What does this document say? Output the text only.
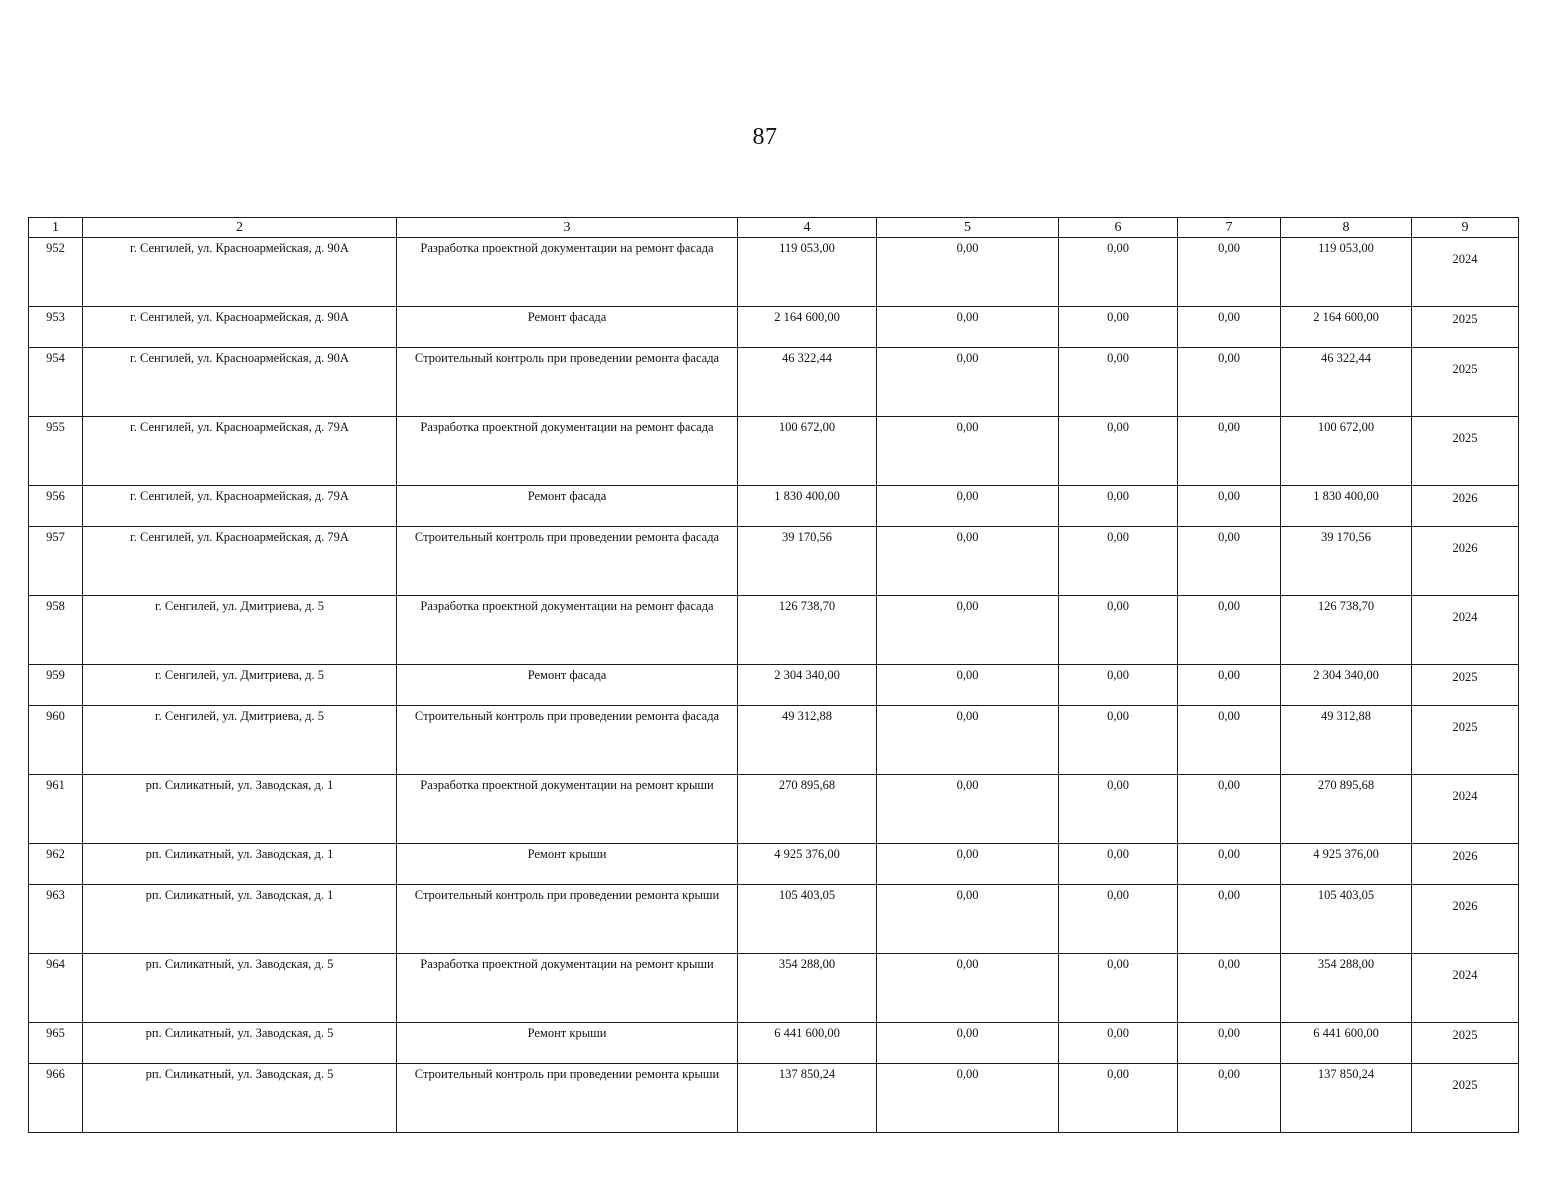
87
1	2	3	4	5	6	7	8	9
952	г. Сенгилей, ул. Красноармейская, д. 90А	Разработка проектной документации на ремонт фасада	119 053,00	0,00	0,00	0,00	119 053,00	2024
953	г. Сенгилей, ул. Красноармейская, д. 90А	Ремонт фасада	2 164 600,00	0,00	0,00	0,00	2 164 600,00	2025
954	г. Сенгилей, ул. Красноармейская, д. 90А	Строительный контроль при проведении ремонта фасада	46 322,44	0,00	0,00	0,00	46 322,44	2025
955	г. Сенгилей, ул. Красноармейская, д. 79А	Разработка проектной документации на ремонт фасада	100 672,00	0,00	0,00	0,00	100 672,00	2025
956	г. Сенгилей, ул. Красноармейская, д. 79А	Ремонт фасада	1 830 400,00	0,00	0,00	0,00	1 830 400,00	2026
957	г. Сенгилей, ул. Красноармейская, д. 79А	Строительный контроль при проведении ремонта фасада	39 170,56	0,00	0,00	0,00	39 170,56	2026
958	г. Сенгилей, ул. Дмитриева, д. 5	Разработка проектной документации на ремонт фасада	126 738,70	0,00	0,00	0,00	126 738,70	2024
959	г. Сенгилей, ул. Дмитриева, д. 5	Ремонт фасада	2 304 340,00	0,00	0,00	0,00	2 304 340,00	2025
960	г. Сенгилей, ул. Дмитриева, д. 5	Строительный контроль при проведении ремонта фасада	49 312,88	0,00	0,00	0,00	49 312,88	2025
961	рп. Силикатный, ул. Заводская, д. 1	Разработка проектной документации на ремонт крыши	270 895,68	0,00	0,00	0,00	270 895,68	2024
962	рп. Силикатный, ул. Заводская, д. 1	Ремонт крыши	4 925 376,00	0,00	0,00	0,00	4 925 376,00	2026
963	рп. Силикатный, ул. Заводская, д. 1	Строительный контроль при проведении ремонта крыши	105 403,05	0,00	0,00	0,00	105 403,05	2026
964	рп. Силикатный, ул. Заводская, д. 5	Разработка проектной документации на ремонт крыши	354 288,00	0,00	0,00	0,00	354 288,00	2024
965	рп. Силикатный, ул. Заводская, д. 5	Ремонт крыши	6 441 600,00	0,00	0,00	0,00	6 441 600,00	2025
966	рп. Силикатный, ул. Заводская, д. 5	Строительный контроль при проведении ремонта крыши	137 850,24	0,00	0,00	0,00	137 850,24	2025
